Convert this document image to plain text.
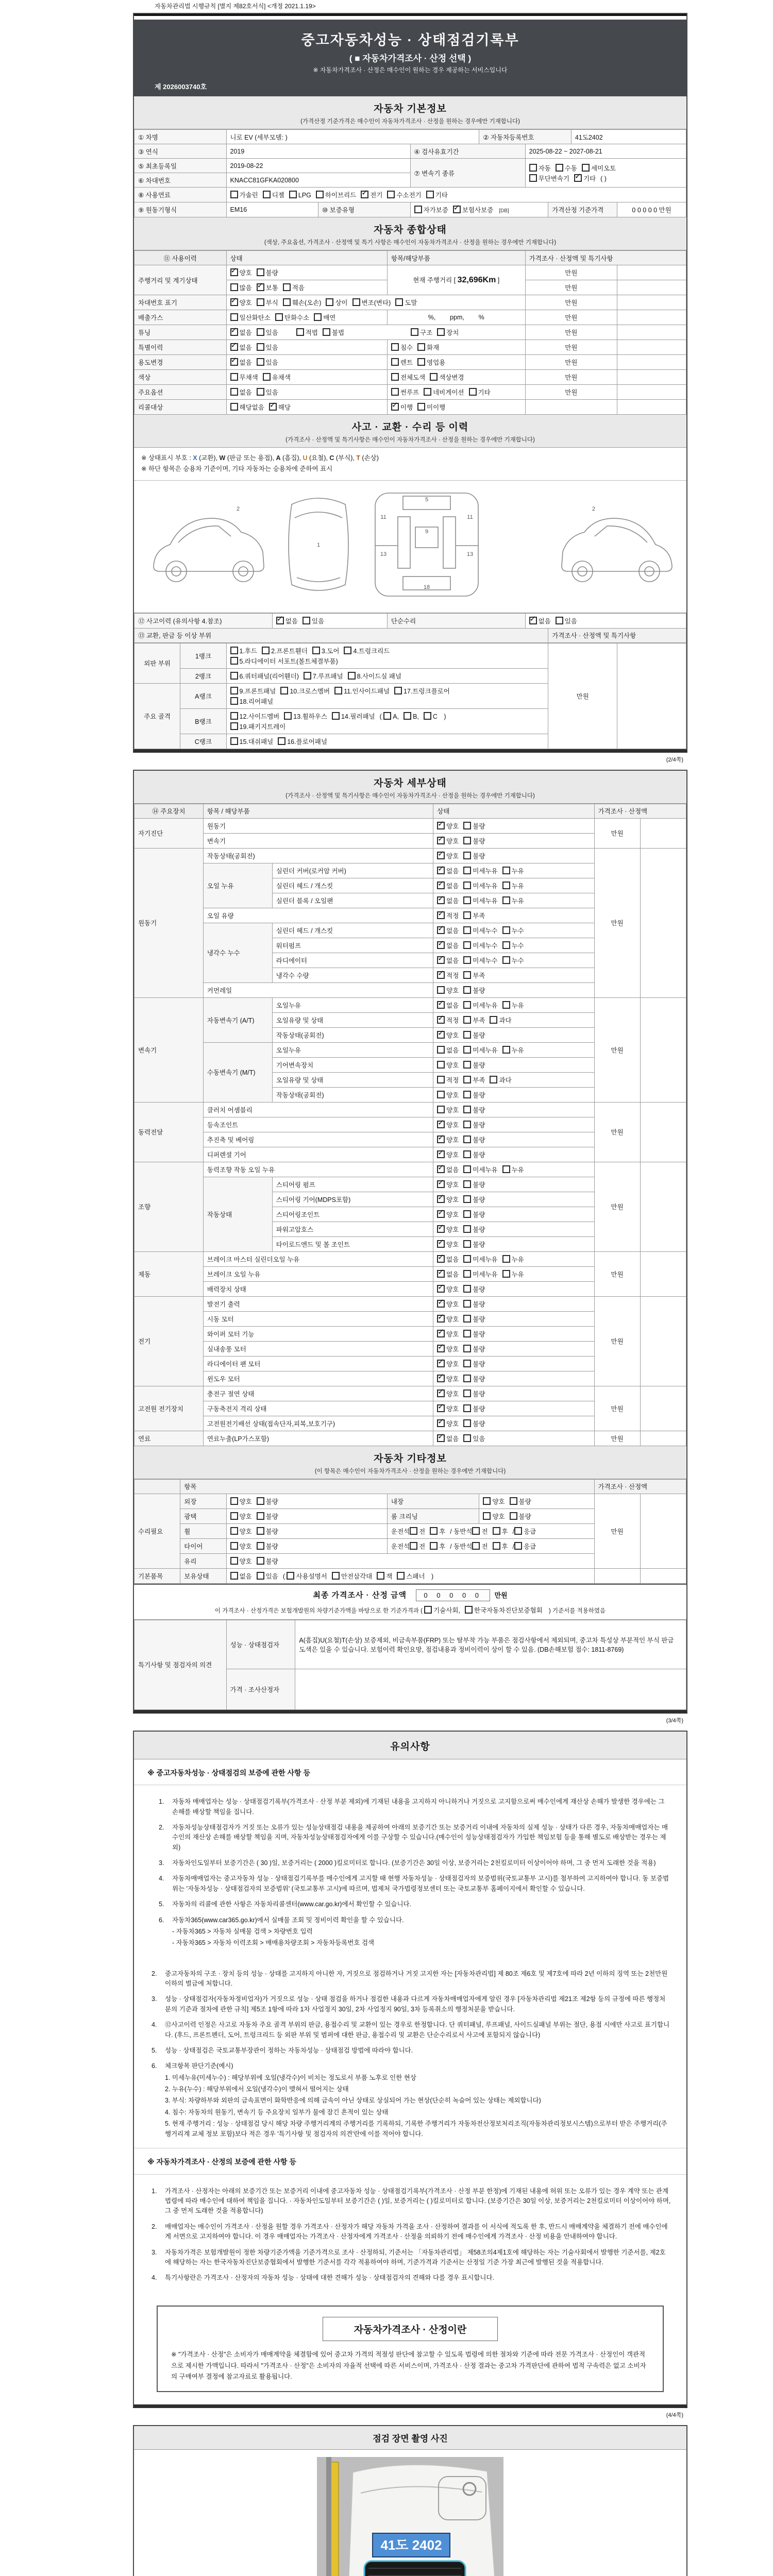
자동차관리법 시행규칙 [별지 제82호서식] <개정 2021.1.19>
중고자동차성능 · 상태점검기록부
( ■ 자동차가격조사 · 산정 선택 )
※ 자동차가격조사 · 산정은 매수인이 원하는 경우 제공하는 서비스입니다
제 2026003740호
자동차 기본정보
(가격산정 기준가격은 매수인이 자동차가격조사 · 산정을 원하는 경우에만 기재합니다)
① 차명	니로 EV (세부모델: )			② 자동차등록번호			41도2402	
③ 연식	2019		④ 검사유효기간		2025-08-22 ~ 2027-08-21			
⑤ 최초등록일	2019-08-22		⑦ 변속기 종류		자동 수동 세미오토
무단변속기 ✓ 기타 ( )
⑥ 차대번호	KNACC81GFKA020800							
⑧ 사용연료	가솔린 디젤 LPG 하이브리드 ✓ 전기 수소전기 기타
⑨ 원동기형식	EM16	⑩ 보증유형	자가보증 ✓ 보험사보증 [DB]			가격산정 기준가격		0 0 0 0 0 만원
자동차 종합상태
(색상, 주요옵션, 가격조사 · 산정액 및 특기 사항은 매수인이 자동차가격조사 · 산정을 원하는 경우에만 기재합니다)
⑪ 사용이력	상태	항목/해당부품	가격조사 · 산정액 및 특기사항	
주행거리 및 계기상태	✓양호 불량	현재 주행거리 [ 32,696Km ]	만원	
	많음 ✓ 보통 적음		만원	
차대번호 표기	✓양호 부식 훼손(오손) 상이 변조(변타) 도말		만원	
배출가스	일산화탄소 탄화수소 매연	%,        ppm,        %	만원	
튜닝	✓없음 있음 적법 불법 구조 장치		만원	
특별이력	✓없음 있음	침수 화재	만원	
용도변경	✓없음 있음	렌트 영업용	만원	
색상	무채색 유채색	전체도색 색상변경	만원	
주요옵션	없음 있음	썬루프 네비게이션 기타	만원	
리콜대상	해당없음 ✓ 해당	✓이행 미이행		
사고 · 교환 · 수리 등 이력
(가격조사 · 산정액 및 특기사항은 매수인이 자동차가격조사 · 산정을 원하는 경우에만 기재합니다)
※ 상태표시 부호 : X (교환), W (판금 또는 용접), A (흠집), U (요철), C (부식), T (손상)
※ 하단 항목은 승용차 기준이며, 기타 자동차는 승용차에 준하여 표시
2
1
5
11	11
9
13	13
18
2
⑫ 사고이력 (유의사항 4.참조)	✓없음 있음	단순수리	✓없음 있음
⑬ 교환, 판금 등 이상 부위				가격조사 · 산정액 및 특기사항
외판 부위	1랭크	1.후드 2.프론트휀더 3.도어 4.트렁크리드
5.라디에이터 서포트(볼트체결부품)	만원	
	2랭크	6.쿼터패널(리어휀더) 7.루프패널 8.사이드실 패널		
주요 골격	A랭크	9.프론트패널 10.크로스멤버 11.인사이드패널 17.트렁크플로어
18.리어패널		
	B랭크	12.사이드멤버 13.휠하우스 14.필러패널 ( A, B, C )
19.패키지트레이		
	C랭크	15.대쉬패널 16.플로어패널		
(2/4쪽)
자동차 세부상태
(가격조사 · 산정액 및 특기사항은 매수인이 자동차가격조사 · 산정을 원하는 경우에만 기재합니다)
⑭ 주요장치	항목 / 해당부품		상태	가격조사 · 산정액	
자기진단	원동기	✓양호 불량	만원	
	변속기	✓양호 불량
원동기	작동상태(공회전)	✓양호 불량	만원	
	오일 누유	실린더 커버(로커암 커버)	✓없음 미세누유 누유
		실린더 헤드 / 개스킷	✓없음 미세누유 누유
		실린더 블록 / 오일팬	✓없음 미세누유 누유
	오일 유량	✓적정 부족
	냉각수 누수	실린더 헤드 / 개스킷	✓없음 미세누수 누수
		워터펌프	✓없음 미세누수 누수
		라디에이터	✓없음 미세누수 누수
		냉각수 수량	✓적정 부족
	커먼레일		양호 불량		
변속기	자동변속기 (A/T)	오일누유	✓없음 미세누유 누유	만원	
		오일유량 및 상태	✓적정 부족 과다
		작동상태(공회전)	✓양호 불량
	수동변속기 (M/T)	오일누유	없음 미세누유 누유		
		기어변속장치	양호 불량		
		오일유량 및 상태	적정 부족 과다		
		작동상태(공회전)	양호 불량		
동력전달	클러치 어셈블리		양호 불량	만원	
	등속조인트	✓양호 불량
	추진축 및 베어링	✓양호 불량
	디퍼렌셜 기어	✓양호 불량
조향	동력조향 작동 오일 누유	✓없음 미세누유 누유	만원	
	작동상태	스티어링 펌프	✓양호 불량
		스티어링 기어(MDPS포함)	✓양호 불량
		스티어링조인트	✓양호 불량
		파워고압호스	✓양호 불량
		타이로드엔드 및 볼 조인트	✓양호 불량
제동	브레이크 마스터 실린더오일 누유	✓없음 미세누유 누유	만원	
	브레이크 오일 누유	✓없음 미세누유 누유
	배력장치 상태	✓양호 불량
전기	발전기 출력	✓양호 불량	만원	
	시동 모터	✓양호 불량
	와이퍼 모터 기능	✓양호 불량
	실내송풍 모터	✓양호 불량
	라디에이터 팬 모터	✓양호 불량
	윈도우 모터	✓양호 불량
고전원 전기장치	충전구 절연 상태	✓양호 불량	만원	
	구동축전지 격리 상태	✓양호 불량
	고전원전기배선 상태(접속단자,피복,보호기구)	✓양호 불량
연료	연료누출(LP가스포함)	✓없음 있음	만원	
자동차 기타정보
(이 항목은 매수인이 자동차가격조사 · 산정을 원하는 경우에만 기재합니다)
	항목				가격조사 · 산정액	
수리필요	외장	양호 불량	내장	양호 불량	만원	
	광택	양호 불량	룸 크리닝	양호 불량		
	휠	양호 불량	운전석 전 후 / 동반석 전 후 / 응급			
	타이어	양호 불량	운전석 전 후 / 동반석 전 후 / 응급			
	유리	양호 불량				
기본품목	보유상태	없음 있음 ( 사용설명서 안전삼각대 잭 스패너 )				
최종 가격조사 · 산정 금액	0 0 0 0 0 만원
이 가격조사 · 산정가격은 보험개발원의 차량기준가액을 바탕으로 한 기준가격과 ( 기술사회, 한국자동차진단보증협회 ) 기준서를 적용하였음
특기사항 및 점검자의 의견	성능 · 상태점검자	A(흠집)U(요철)T(손상) 보증제외, 비금속부품(FRP) 또는 탈부착 가능 부품은 점검사항에서 제외되며, 중고차 특성상 부분적인 부식 판금 도색은 있을 수 있습니다. 보험이력 확인요망, 점검내용과 정비이력이 상이 할 수 있음. (DB손해보험 접수: 1811-8769)
	가격 · 조사산정자	
(3/4쪽)
유의사항
※ 중고자동차성능 · 상태점검의 보증에 관한 사항 등
1.	자동차 매매업자는 성능 · 상태점검기록부(가격조사 · 산정 부분 제외)에 기재된 내용을 고지하지 아니하거나 거짓으로 고지함으로써 매수인에게 재산상 손해가 발생한 경우에는 그 손해를 배상할 책임을 집니다.
2.	자동차성능상태점검자가 거짓 또는 오류가 있는 성능상태점검 내용을 제공하여 아래의 보증기간 또는 보증거리 이내에 자동차의 실제 성능 · 상태가 다른 경우, 자동차매매업자는 매수인의 재산상 손해를 배상할 책임을 지며, 자동차성능상태점검자에게 이를 구상할 수 있습니다.(매수인이 성능상태점검자가 가입한 책임보험 등을 통해 별도로 배상받는 경우는 제외)
3.	자동차인도일부터 보증기간은 ( 30 )일, 보증거리는 ( 2000 )킬로미터로 합니다. (보증기간은 30일 이상, 보증거리는 2천킬로미터 이상이어야 하며, 그 중 먼저 도래한 것을 적용)
4.	자동차매매업자는 중고자동차 성능 · 상태점검기록부를 매수인에게 고지할 때 현행 자동차성능 · 상태점검자의 보증범위(국토교통부 고시)를 첨부하여 고지하여야 합니다. 동 보증범위는 '자동차성능 · 상태점검자의 보증범위' (국토교통부 고시)에 따르며, 법제처 국가법령정보센터 또는 국토교통부 홈페이지에서 확인할 수 있습니다.
5.	자동차의 리콜에 관한 사항은 자동차리콜센터(www.car.go.kr)에서 확인할 수 있습니다.
6.	자동차365(www.car365.go.kr)에서 실매물 조회 및 정비이력 확인을 할 수 있습니다.
- 자동차365 > 자동차 실매물 검색 > 차량번호 입력
- 자동차365 > 자동차 이력조회 > 매매용차량조회 > 자동차등록번호 검색
2.	중고자동차의 구조 · 장치 등의 성능 · 상태를 고지하지 아니한 자, 거짓으로 점검하거나 거짓 고지한 자는 [자동차관리법] 제 80조 제6호 및 제7호에 따라 2년 이하의 징역 또는 2천만원 이하의 벌금에 처합니다.
3.	성능 · 상태점검자(자동차정비업자)가 거짓으로 성능 · 상태 점검을 하거나 점검한 내용과 다르게 자동차매매업자에게 알린 경우 [자동차관리법 제21조 제2항 등의 규정에 따른 행정처분의 기준과 절차에 관한 규칙] 제5조 1항에 따라 1차 사업정지 30일, 2차 사업정지 90일, 3차 등록취소의 행정처분을 받습니다.
4.	⑫사고이력 인정은 사고로 자동차 주요 골격 부위의 판금, 용접수리 및 교환이 있는 경우로 한정합니다. 단 쿼터패널, 루프패널, 사이드실패널 부위는 절단, 용접 시에만 사고로 표기합니다. (후드, 프론트펜더, 도어, 트렁크리드 등 외판 부위 및 범퍼에 대한 판금, 용접수리 및 교환은 단순수리로서 사고에 포함되지 않습니다)
5.	성능 · 상태점검은 국토교통부장관이 정하는 자동차성능 · 상태점검 방법에 따라야 합니다.
6.	체크항목 판단기준(예시)
1. 미세누유(미세누수) : 해당부위에 오일(냉각수)이 비치는 정도로서 부품 노후로 인한 현상
2. 누유(누수) : 해당부위에서 오일(냉각수)이 맺혀서 떨어지는 상태
3. 부식: 차량하부와 외판의 금속표면이 화학반응에 의해 금속이 아닌 상태로 상실되어 가는 현상(단순히 녹슬어 있는 상태는 제외합니다)
4. 침수: 자동차의 원동기, 변속기 등 주요장치 일부가 물에 잠긴 흔적이 있는 상태
5. 현재 주행거리 : 성능 · 상태점검 당시 해당 차량 주행거리계의 주행거리를 기록하되, 기록한 주행거리가 자동차전산정보처리조직(자동차관리정보시스템)으로부터 받은 주행거리(주행거리계 교체 정보 포함)보다 적은 경우 '특기사항 및 점검자의 의견'란에 이를 적어야 합니다.
※ 자동차가격조사 · 산정의 보증에 관한 사항 등
1.	가격조사 · 산정자는 아래의 보증기간 또는 보증거리 이내에 중고자동차 성능 · 상태점검기록부(가격조사 · 산정 부분 한정)에 기재된 내용에 허위 또는 오류가 있는 경우 계약 또는 관계법령에 따라 매수인에 대하여 책임을 집니다. · 자동차인도일부터 보증기간은 ( )일, 보증거리는 ( )킬로미터로 합니다. (보증기간은 30일 이상, 보증거리는 2천킬로미터 이상이어야 하며, 그 중 먼저 도래한 것을 적용합니다)
2.	매매업자는 매수인이 가격조사 · 산정을 원할 경우 가격조사 · 산정자가 해당 자동차 가격을 조사 · 산정하여 결과를 이 서식에 적도록 한 후, 반드시 매매계약을 체결하기 전에 매수인에게 서면으로 고지하여야 합니다. 이 경우 매매업자는 가격조사 · 산정자에게 가격조사 · 산정을 의뢰하기 전에 매수인에게 가격조사 · 산정 비용을 안내하여야 합니다.
3.	자동차가격은 보험개발원이 정한 차량기준가액을 기준가격으로 조사 · 산정하되, 기준서는 「자동차관리법」 제58조의4제1호에 해당하는 자는 기술사회에서 발행한 기준서를, 제2호에 해당하는 자는 한국자동차진단보증협회에서 발행한 기준서를 각각 적용하여야 하며, 기준가격과 기준서는 산정일 기준 가장 최근에 발행된 것을 적용합니다.
4.	특기사항란은 가격조사 · 산정자의 자동차 성능 · 상태에 대한 견해가 성능 · 상태점검자의 견해와 다를 경우 표시합니다.
자동차가격조사 · 산정이란
※ "가격조사 · 산정"은 소비자가 매매계약을 체결함에 있어 중고차 가격의 적절성 판단에 참고할 수 있도록 법령에 의한 절차와 기준에 따라 전문 가격조사 · 산정인이 객관적으로 제시한 가액입니다. 따라서 "가격조사 · 산정"은 소비자의 자율적 선택에 따른 서비스이며, 가격조사 · 산정 결과는 중고차 가격판단에 관하여 법적 구속력은 없고 소비자의 구매여부 결정에 참고자료로 활용됩니다.
(4/4쪽)
점검 장면 촬영 사진
41도 2402
